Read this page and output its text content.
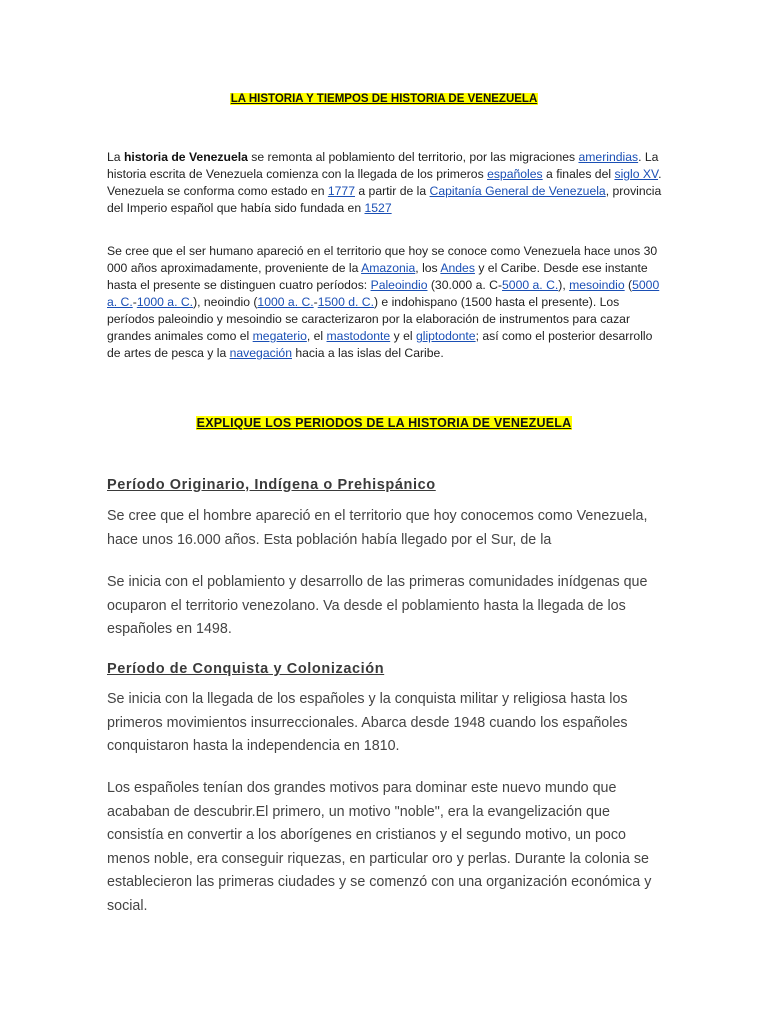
LA HISTORIA Y TIEMPOS DE HISTORIA DE VENEZUELA
La historia de Venezuela se remonta al poblamiento del territorio, por las migraciones amerindias. La historia escrita de Venezuela comienza con la llegada de los primeros españoles a finales del siglo XV. Venezuela se conforma como estado en 1777 a partir de la Capitanía General de Venezuela, provincia del Imperio español que había sido fundada en 1527
Se cree que el ser humano apareció en el territorio que hoy se conoce como Venezuela hace unos 30 000 años aproximadamente, proveniente de la Amazonia, los Andes y el Caribe. Desde ese instante hasta el presente se distinguen cuatro períodos: Paleoindio (30.000 a. C-5000 a. C.), mesoindio (5000 a. C.-1000 a. C.), neoindio (1000 a. C.-1500 d. C.) e indohispano (1500 hasta el presente). Los períodos paleoindio y mesoindio se caracterizaron por la elaboración de instrumentos para cazar grandes animales como el megaterio, el mastodonte y el gliptodonte; así como el posterior desarrollo de artes de pesca y la navegación hacia a las islas del Caribe.
EXPLIQUE LOS PERIODOS DE LA HISTORIA DE VENEZUELA
Período Originario, Indígena o Prehispánico
Se cree que el hombre apareció en el territorio que hoy conocemos como Venezuela, hace unos 16.000 años. Esta población había llegado por el Sur, de la
Se inicia con el poblamiento y desarrollo de las primeras comunidades inídgenas que ocuparon el territorio venezolano. Va desde el poblamiento hasta la llegada de los españoles en 1498.
Período de Conquista y Colonización
Se inicia con la llegada de los españoles y la conquista militar y religiosa hasta los primeros movimientos insurreccionales. Abarca desde 1948 cuando los españoles conquistaron hasta la independencia en 1810.
Los españoles tenían dos grandes motivos para dominar este nuevo mundo que acababan de descubrir.El primero, un motivo "noble", era la evangelización que consistía en convertir a los aborígenes en cristianos y el segundo motivo, un poco menos noble, era conseguir riquezas, en particular oro y perlas. Durante la colonia se establecieron las primeras ciudades y se comenzó con una organización económica y social.
